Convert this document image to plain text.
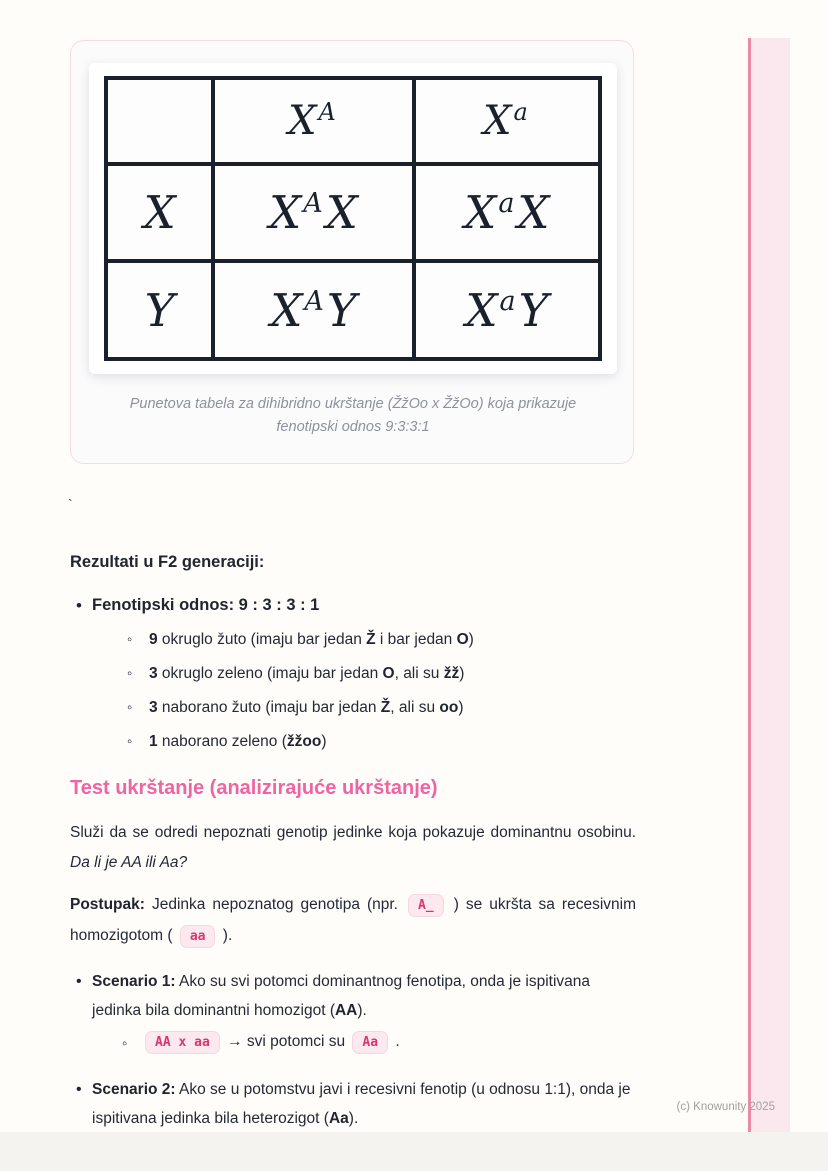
	$X^A$	$X^a$
X	$X^AX$	$X^aX$
Y	$X^AY$	$X^aY$
Punetova tabela za dihibridno ukrštanje (ŽžOo x ŽžOo) koja prikazuje fenotipski odnos 9:3:3:1
`

Rezultati u F2 generaciji:

• Fenotipski odnos: 9 : 3 : 3 : 1
◦ 9 okruglo žuto (imaju bar jedan Ž i bar jedan O)
◦ 3 okruglo zeleno (imaju bar jedan O, ali su žž)
◦ 3 naborano žuto (imaju bar jedan Ž, ali su oo)
◦ 1 naborano zeleno (žžoo)
Test ukrštanje (analizirajuće ukrštanje)

Služi da se odredi nepoznati genotip jedinke koja pokazuje dominantnu osobinu. Da li je AA ili Aa?

Postupak: Jedinka nepoznatog genotipa (npr. A_ ) se ukršta sa recesivnim homozigotom ( aa ).

• Scenario 1: Ako su svi potomci dominantnog fenotipa, onda je ispitivana jedinka bila dominantni homozigot (AA).
◦ AA x aa → svi potomci su Aa .
• Scenario 2: Ako se u potomstvu javi i recesivni fenotip (u odnosu 1:1), onda je ispitivana jedinka bila heterozigot (Aa).
(c) Knowunity 2025
